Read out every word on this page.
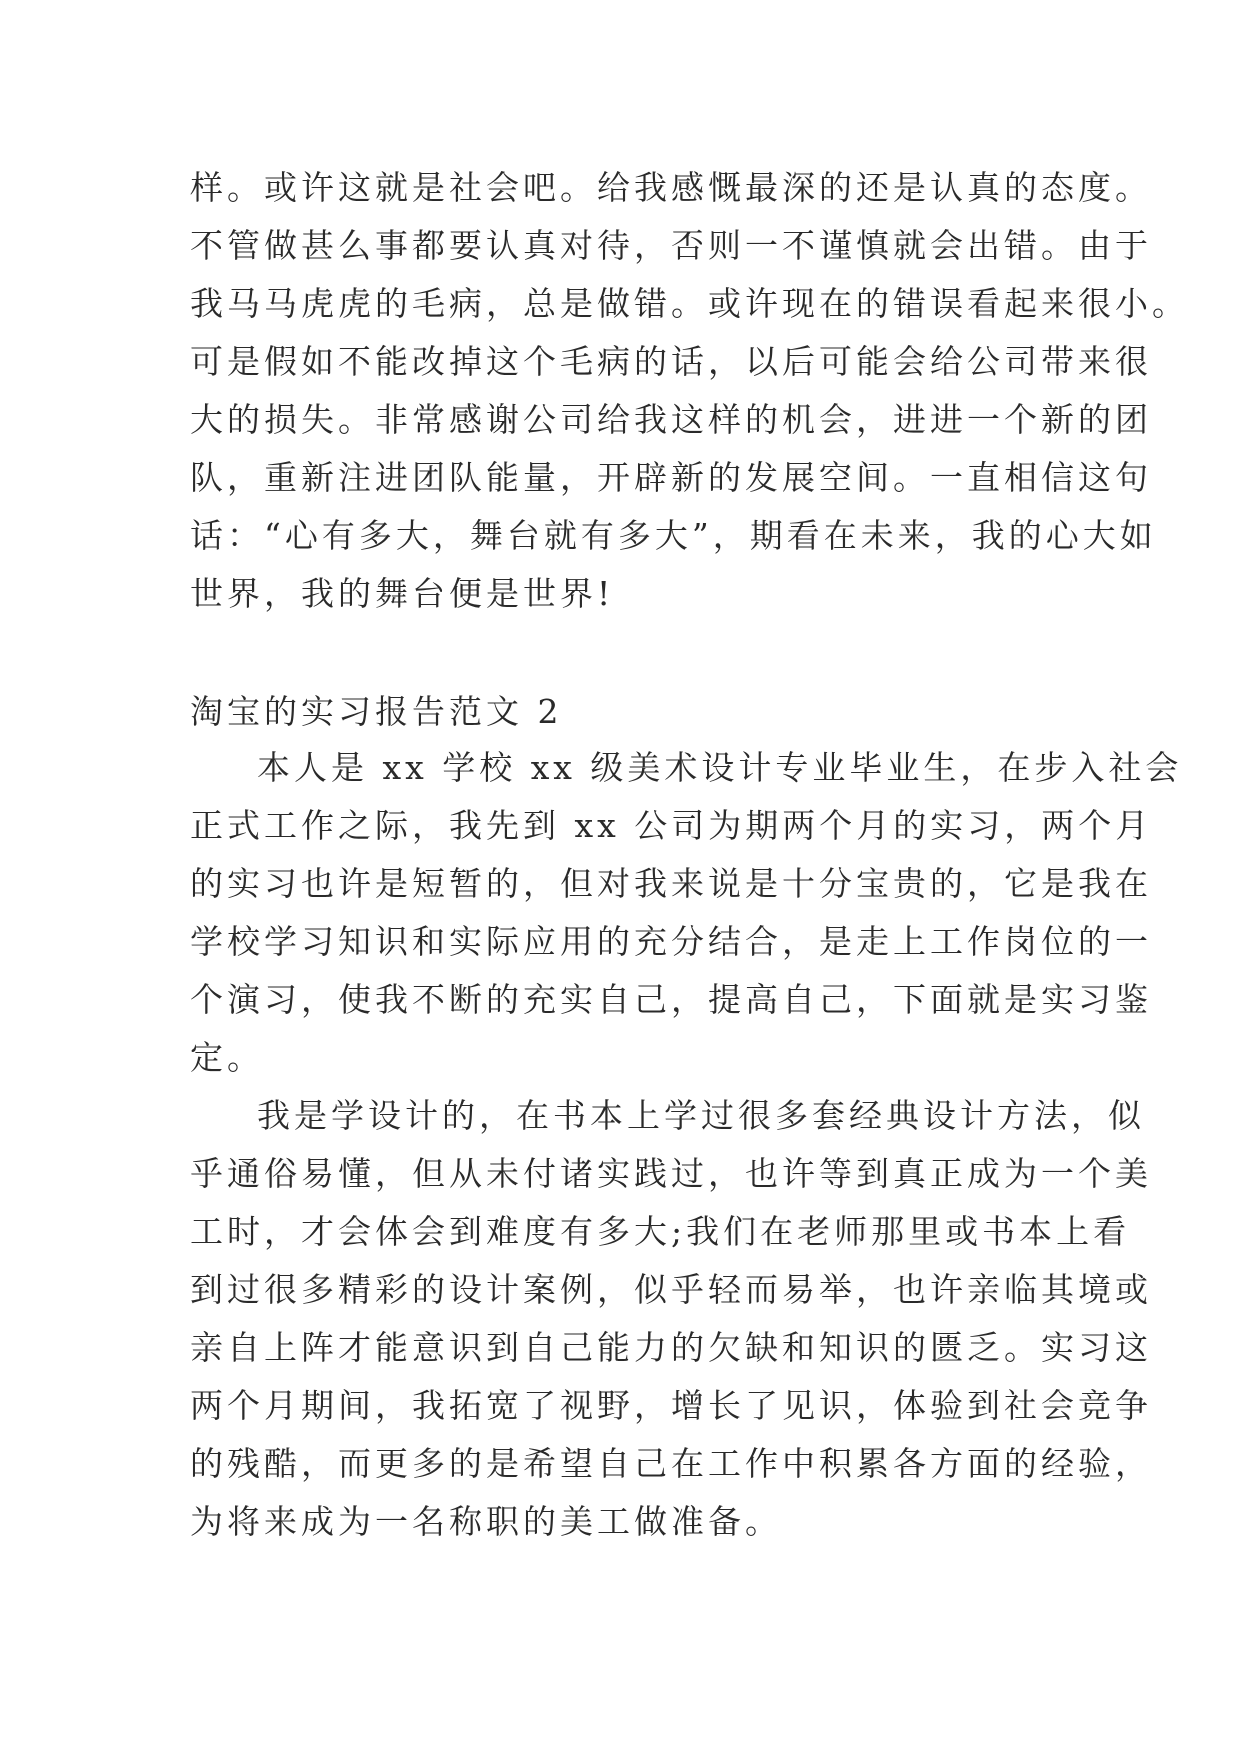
样。或许这就是社会吧。给我感慨最深的还是认真的态度。
不管做甚么事都要认真对待，否则一不谨慎就会出错。由于
我马马虎虎的毛病，总是做错。或许现在的错误看起来很小。
可是假如不能改掉这个毛病的话，以后可能会给公司带来很
大的损失。非常感谢公司给我这样的机会，进进一个新的团
队，重新注进团队能量，开辟新的发展空间。一直相信这句
话：“心有多大，舞台就有多大”，期看在未来，我的心大如
世界，我的舞台便是世界!
淘宝的实习报告范文 2
本人是 xx 学校 xx 级美术设计专业毕业生，在步入社会
正式工作之际，我先到 xx 公司为期两个月的实习，两个月
的实习也许是短暂的，但对我来说是十分宝贵的，它是我在
学校学习知识和实际应用的充分结合，是走上工作岗位的一
个演习，使我不断的充实自己，提高自己，下面就是实习鉴
定。
我是学设计的，在书本上学过很多套经典设计方法，似
乎通俗易懂，但从未付诸实践过，也许等到真正成为一个美
工时，才会体会到难度有多大;我们在老师那里或书本上看
到过很多精彩的设计案例，似乎轻而易举，也许亲临其境或
亲自上阵才能意识到自己能力的欠缺和知识的匮乏。实习这
两个月期间，我拓宽了视野，增长了见识，体验到社会竞争
的残酷，而更多的是希望自己在工作中积累各方面的经验，
为将来成为一名称职的美工做准备。
